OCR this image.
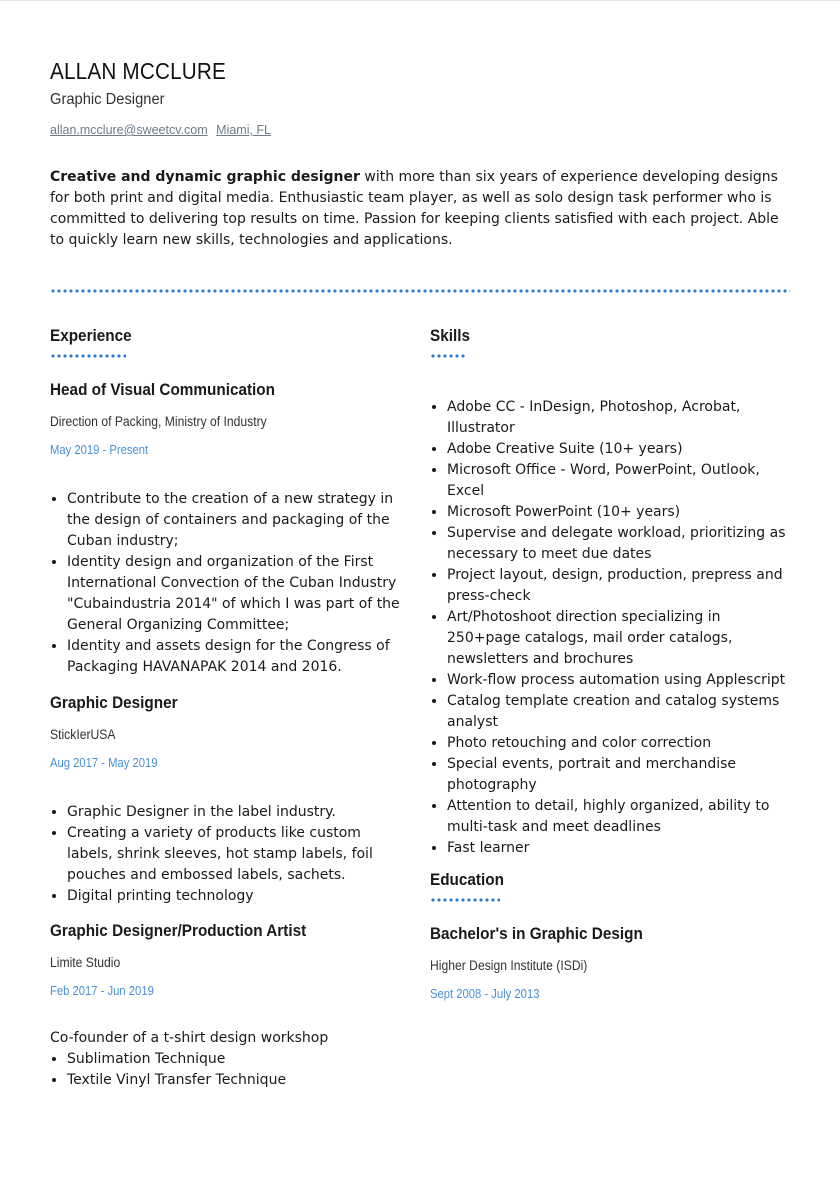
ALLAN MCCLURE
Graphic Designer
allan.mcclure@sweetcv.com Miami, FL
Creative and dynamic graphic designer with more than six years of experience developing designs for both print and digital media. Enthusiastic team player, as well as solo design task performer who is committed to delivering top results on time. Passion for keeping clients satisfied with each project. Able to quickly learn new skills, technologies and applications.
Experience
Head of Visual Communication
Direction of Packing, Ministry of Industry
May 2019 - Present
• Contribute to the creation of a new strategy in the design of containers and packaging of the Cuban industry;
• Identity design and organization of the First International Convection of the Cuban Industry "Cubaindustria 2014" of which I was part of the General Organizing Committee;
• Identity and assets design for the Congress of Packaging HAVANAPAK 2014 and 2016.
Graphic Designer
StickIerUSA
Aug 2017 - May 2019
• Graphic Designer in the label industry.
• Creating a variety of products like custom labels, shrink sleeves, hot stamp labels, foil pouches and embossed labels, sachets.
• Digital printing technology
Graphic Designer/Production Artist
Limite Studio
Feb 2017 - Jun 2019
Co-founder of a t-shirt design workshop
• Sublimation Technique
• Textile Vinyl Transfer Technique
Skills
• Adobe CC - InDesign, Photoshop, Acrobat, Illustrator
• Adobe Creative Suite (10+ years)
• Microsoft Office - Word, PowerPoint, Outlook, Excel
• Microsoft PowerPoint (10+ years)
• Supervise and delegate workload, prioritizing as necessary to meet due dates
• Project layout, design, production, prepress and press-check
• Art/Photoshoot direction specializing in 250+page catalogs, mail order catalogs, newsletters and brochures
• Work-flow process automation using Applescript
• Catalog template creation and catalog systems analyst
• Photo retouching and color correction
• Special events, portrait and merchandise photography
• Attention to detail, highly organized, ability to multi-task and meet deadlines
• Fast learner
Education
Bachelor's in Graphic Design
Higher Design Institute (ISDi)
Sept 2008 - July 2013
